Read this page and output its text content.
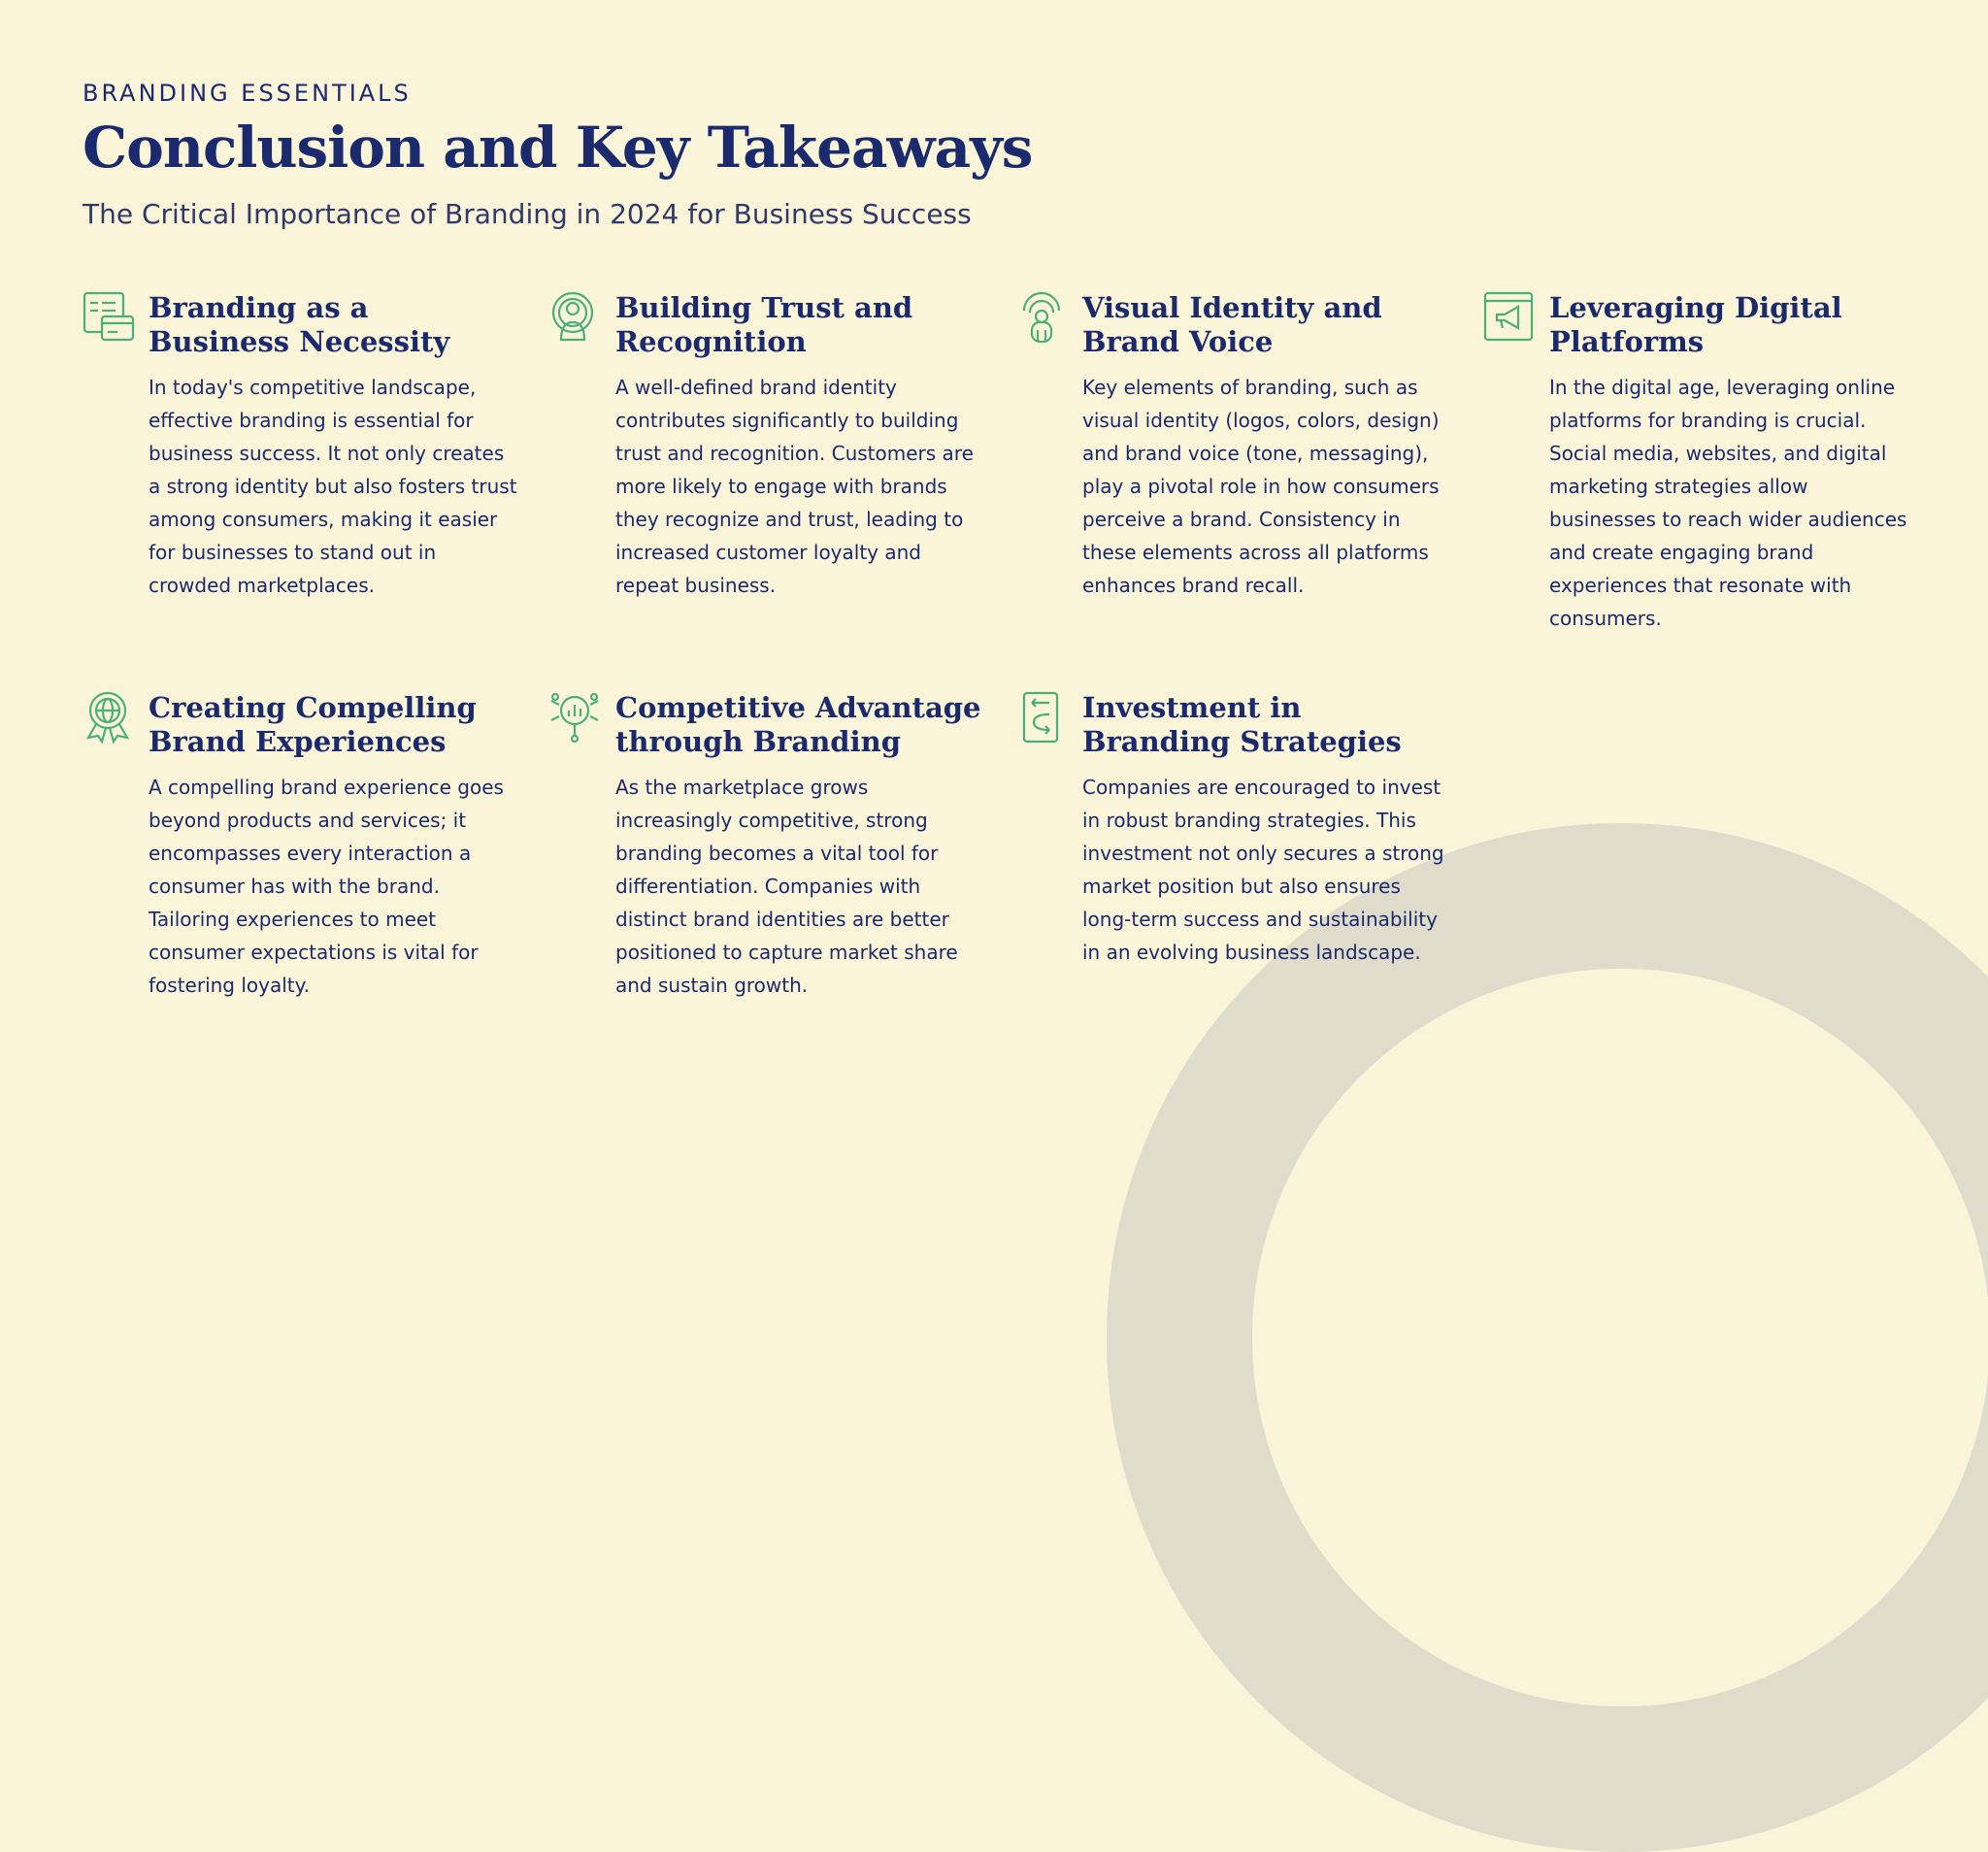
BRANDING ESSENTIALS
Conclusion and Key Takeaways
The Critical Importance of Branding in 2024 for Business Success
Branding as a Business Necessity

In today's competitive landscape, effective branding is essential for business success. It not only creates a strong identity but also fosters trust among consumers, making it easier for businesses to stand out in crowded marketplaces.

Building Trust and Recognition

A well-defined brand identity contributes significantly to building trust and recognition. Customers are more likely to engage with brands they recognize and trust, leading to increased customer loyalty and repeat business.

Visual Identity and Brand Voice

Key elements of branding, such as visual identity (logos, colors, design) and brand voice (tone, messaging), play a pivotal role in how consumers perceive a brand. Consistency in these elements across all platforms enhances brand recall.

Leveraging Digital Platforms

In the digital age, leveraging online platforms for branding is crucial. Social media, websites, and digital marketing strategies allow businesses to reach wider audiences and create engaging brand experiences that resonate with consumers.

Creating Compelling Brand Experiences

A compelling brand experience goes beyond products and services; it encompasses every interaction a consumer has with the brand. Tailoring experiences to meet consumer expectations is vital for fostering loyalty.

Competitive Advantage through Branding

As the marketplace grows increasingly competitive, strong branding becomes a vital tool for differentiation. Companies with distinct brand identities are better positioned to capture market share and sustain growth.

Investment in Branding Strategies

Companies are encouraged to invest in robust branding strategies. This investment not only secures a strong market position but also ensures long-term success and sustainability in an evolving business landscape.
